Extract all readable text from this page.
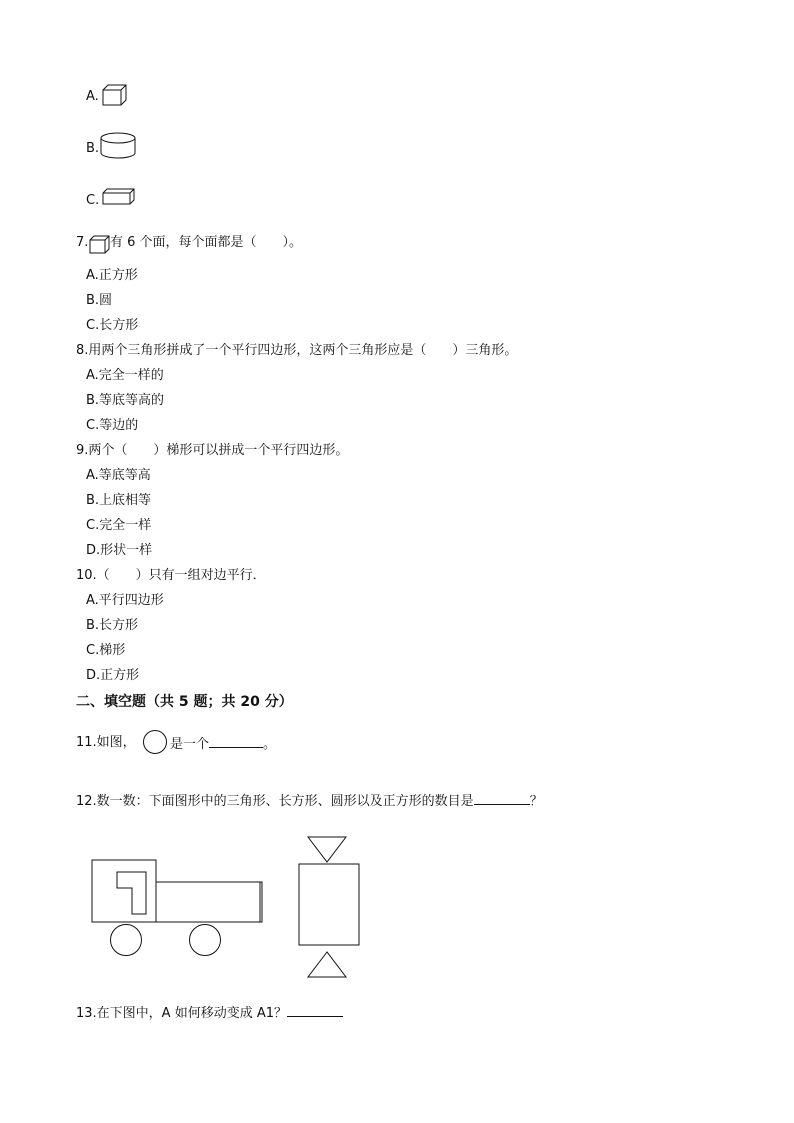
A.
B.
C.
7. 有 6 个面，每个面都是（　　）。
A.正方形
B.圆
C.长方形
8.用两个三角形拼成了一个平行四边形，这两个三角形应是（　　）三角形。
A.完全一样的
B.等底等高的
C.等边的
9.两个（　　）梯形可以拼成一个平行四边形。
A.等底等高
B.上底相等
C.完全一样
D.形状一样
10.（　　）只有一组对边平行．
A.平行四边形
B.长方形
C.梯形
D.正方形
二、填空题（共 5 题；共 20 分）
11.如图，	是一个	。
12.数一数：下面图形中的三角形、长方形、圆形以及正方形的数目是	？
13.在下图中，A 如何移动变成 A1？
